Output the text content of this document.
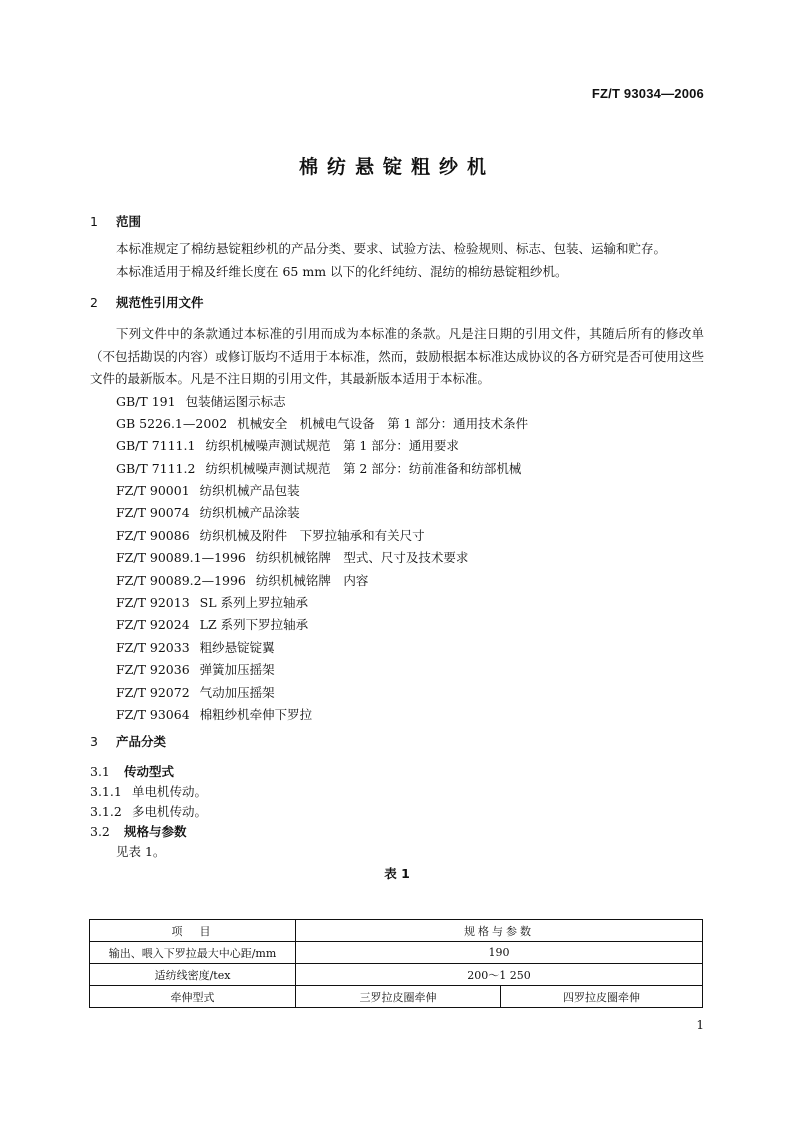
FZ/T 93034—2006
棉纺悬锭粗纱机
1 范围
本标准规定了棉纺悬锭粗纱机的产品分类、要求、试验方法、检验规则、标志、包装、运输和贮存。
本标准适用于棉及纤维长度在 65 mm 以下的化纤纯纺、混纺的棉纺悬锭粗纱机。
2 规范性引用文件
下列文件中的条款通过本标准的引用而成为本标准的条款。凡是注日期的引用文件，其随后所有的修改单（不包括勘误的内容）或修订版均不适用于本标准，然而，鼓励根据本标准达成协议的各方研究是否可使用这些文件的最新版本。凡是不注日期的引用文件，其最新版本适用于本标准。
GB/T 191 包装储运图示标志
GB 5226.1—2002 机械安全　机械电气设备　第 1 部分：通用技术条件
GB/T 7111.1 纺织机械噪声测试规范　第 1 部分：通用要求
GB/T 7111.2 纺织机械噪声测试规范　第 2 部分：纺前准备和纺部机械
FZ/T 90001 纺织机械产品包装
FZ/T 90074 纺织机械产品涂装
FZ/T 90086 纺织机械及附件　下罗拉轴承和有关尺寸
FZ/T 90089.1—1996 纺织机械铭牌　型式、尺寸及技术要求
FZ/T 90089.2—1996 纺织机械铭牌　内容
FZ/T 92013 SL 系列上罗拉轴承
FZ/T 92024 LZ 系列下罗拉轴承
FZ/T 92033 粗纱悬锭锭翼
FZ/T 92036 弹簧加压摇架
FZ/T 92072 气动加压摇架
FZ/T 93064 棉粗纱机牵伸下罗拉
3 产品分类
3.1 传动型式
3.1.1 单电机传动。
3.1.2 多电机传动。
3.2 规格与参数
见表 1。
表 1
项　目	规格与参数	
输出、喂入下罗拉最大中心距/mm	190	
适纺线密度/tex	200～1 250	
牵伸型式	三罗拉皮圈牵伸	四罗拉皮圈牵伸
1
